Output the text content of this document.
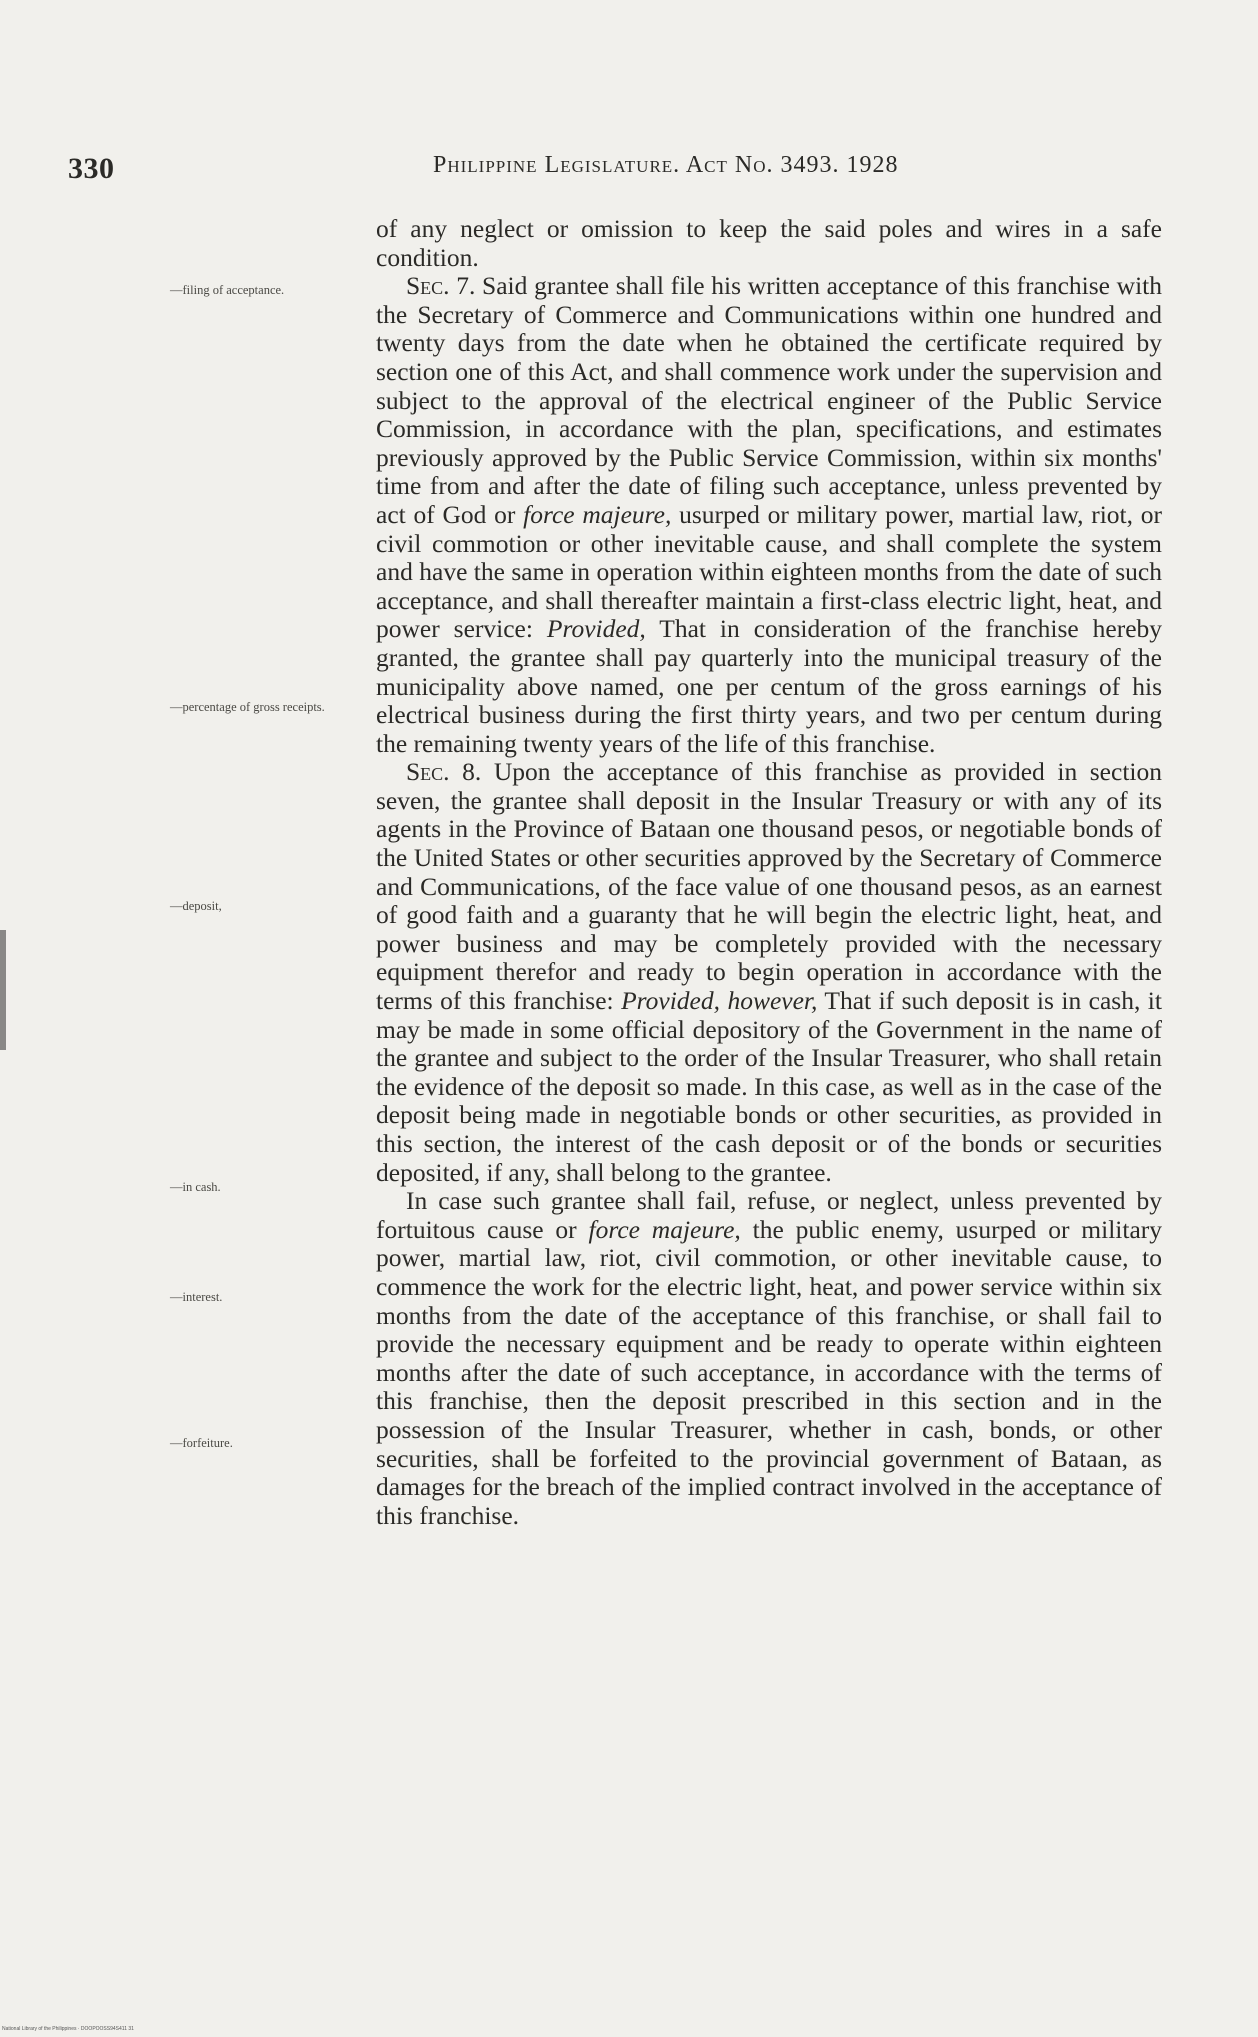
330	Philippine Legislature. Act No. 3493. 1928
—filing of acceptance.
—percentage of gross receipts.
—deposit,
—in cash.
—interest.
—forfeiture.

of any neglect or omission to keep the said poles and wires in a safe condition.

Sec. 7. Said grantee shall file his written acceptance of this franchise with the Secretary of Commerce and Communications within one hundred and twenty days from the date when he obtained the certificate required by section one of this Act, and shall commence work under the supervision and subject to the approval of the electrical engineer of the Public Service Commission, in accordance with the plan, specifications, and estimates previously approved by the Public Service Commission, within six months' time from and after the date of filing such acceptance, unless prevented by act of God or force majeure, usurped or military power, martial law, riot, or civil commotion or other inevitable cause, and shall complete the system and have the same in operation within eighteen months from the date of such acceptance, and shall thereafter maintain a first-class electric light, heat, and power service: Provided, That in consideration of the franchise hereby granted, the grantee shall pay quarterly into the municipal treasury of the municipality above named, one per centum of the gross earnings of his electrical business during the first thirty years, and two per centum during the remaining twenty years of the life of this franchise.

Sec. 8. Upon the acceptance of this franchise as provided in section seven, the grantee shall deposit in the Insular Treasury or with any of its agents in the Province of Bataan one thousand pesos, or negotiable bonds of the United States or other securities approved by the Secretary of Commerce and Communications, of the face value of one thousand pesos, as an earnest of good faith and a guaranty that he will begin the electric light, heat, and power business and may be completely provided with the necessary equipment therefor and ready to begin operation in accordance with the terms of this franchise: Provided, however, That if such deposit is in cash, it may be made in some official depository of the Government in the name of the grantee and subject to the order of the Insular Treasurer, who shall retain the evidence of the deposit so made. In this case, as well as in the case of the deposit being made in negotiable bonds or other securities, as provided in this section, the interest of the cash deposit or of the bonds or securities deposited, if any, shall belong to the grantee.

In case such grantee shall fail, refuse, or neglect, unless prevented by fortuitous cause or force majeure, the public enemy, usurped or military power, martial law, riot, civil commotion, or other inevitable cause, to commence the work for the electric light, heat, and power service within six months from the date of the acceptance of this franchise, or shall fail to provide the necessary equipment and be ready to operate within eighteen months after the date of such acceptance, in accordance with the terms of this franchise, then the deposit prescribed in this section and in the possession of the Insular Treasurer, whether in cash, bonds, or other securities, shall be forfeited to the provincial government of Bataan, as damages for the breach of the implied contract involved in the acceptance of this franchise.

National Library of the Philippines · DOOPOOSS94S411 31
